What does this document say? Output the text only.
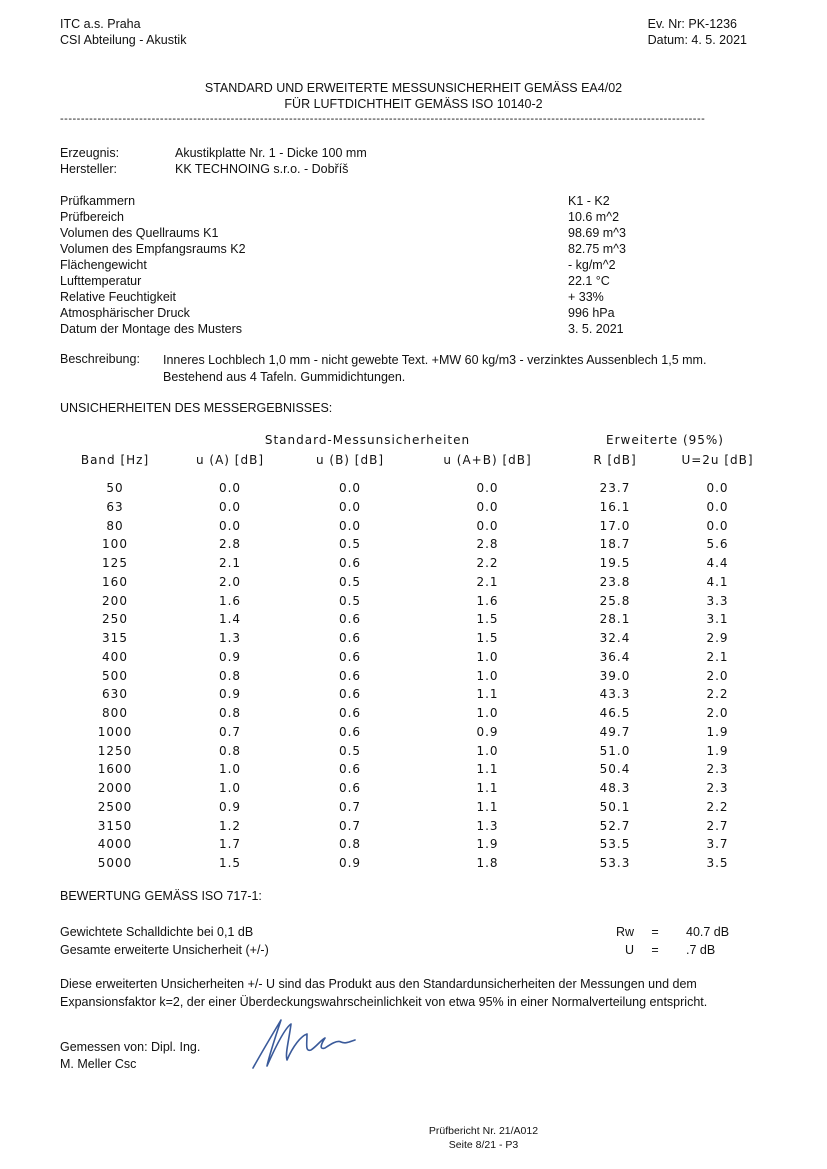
ITC a.s. Praha
CSI Abteilung - Akustik
Ev. Nr: PK-1236
Datum: 4. 5. 2021
STANDARD UND ERWEITERTE MESSUNSICHERHEIT GEMÄSS EA4/02
FÜR LUFTDICHTHEIT GEMÄSS ISO 10140-2
-----------------------------------------------------------------------------------------------------------------------------------------------------------
Erzeugnis:	Akustikplatte Nr. 1 - Dicke 100 mm
Hersteller:	KK TECHNOING s.r.o. - Dobříš
Prüfkammern	K1 - K2
Prüfbereich	10.6 m^2
Volumen des Quellraums K1	98.69 m^3
Volumen des Empfangsraums K2	82.75 m^3
Flächengewicht	- kg/m^2
Lufttemperatur	22.1 °C
Relative Feuchtigkeit	+ 33%
Atmosphärischer Druck	996 hPa
Datum der Montage des Musters	3. 5. 2021
Beschreibung: Inneres Lochblech 1,0 mm - nicht gewebte Text. +MW 60 kg/m3 - verzinktes Aussenblech 1,5 mm.
Bestehend aus 4 Tafeln. Gummidichtungen.
UNSICHERHEITEN DES MESSERGEBNISSES:
Standard-Messunsicherheiten	Erweiterte (95%)
Band [Hz]	u (A) [dB]	u (B) [dB]	u (A+B) [dB]	R [dB]	U=2u [dB]
50	0.0	0.0	0.0	23.7	0.0
63	0.0	0.0	0.0	16.1	0.0
80	0.0	0.0	0.0	17.0	0.0
100	2.8	0.5	2.8	18.7	5.6
125	2.1	0.6	2.2	19.5	4.4
160	2.0	0.5	2.1	23.8	4.1
200	1.6	0.5	1.6	25.8	3.3
250	1.4	0.6	1.5	28.1	3.1
315	1.3	0.6	1.5	32.4	2.9
400	0.9	0.6	1.0	36.4	2.1
500	0.8	0.6	1.0	39.0	2.0
630	0.9	0.6	1.1	43.3	2.2
800	0.8	0.6	1.0	46.5	2.0
1000	0.7	0.6	0.9	49.7	1.9
1250	0.8	0.5	1.0	51.0	1.9
1600	1.0	0.6	1.1	50.4	2.3
2000	1.0	0.6	1.1	48.3	2.3
2500	0.9	0.7	1.1	50.1	2.2
3150	1.2	0.7	1.3	52.7	2.7
4000	1.7	0.8	1.9	53.5	3.7
5000	1.5	0.9	1.8	53.3	3.5
BEWERTUNG GEMÄSS ISO 717-1:
Gewichtete Schalldichte bei 0,1 dB	Rw	=	40.7 dB
Gesamte erweiterte Unsicherheit (+/-)	U	=	.7 dB
Diese erweiterten Unsicherheiten +/- U sind das Produkt aus den Standardunsicherheiten der Messungen und dem Expansionsfaktor k=2, der einer Überdeckungswahrscheinlichkeit von etwa 95% in einer Normalverteilung entspricht.
Gemessen von: Dipl. Ing.
M. Meller Csc
Prüfbericht Nr. 21/A012
Seite 8/21 - P3
